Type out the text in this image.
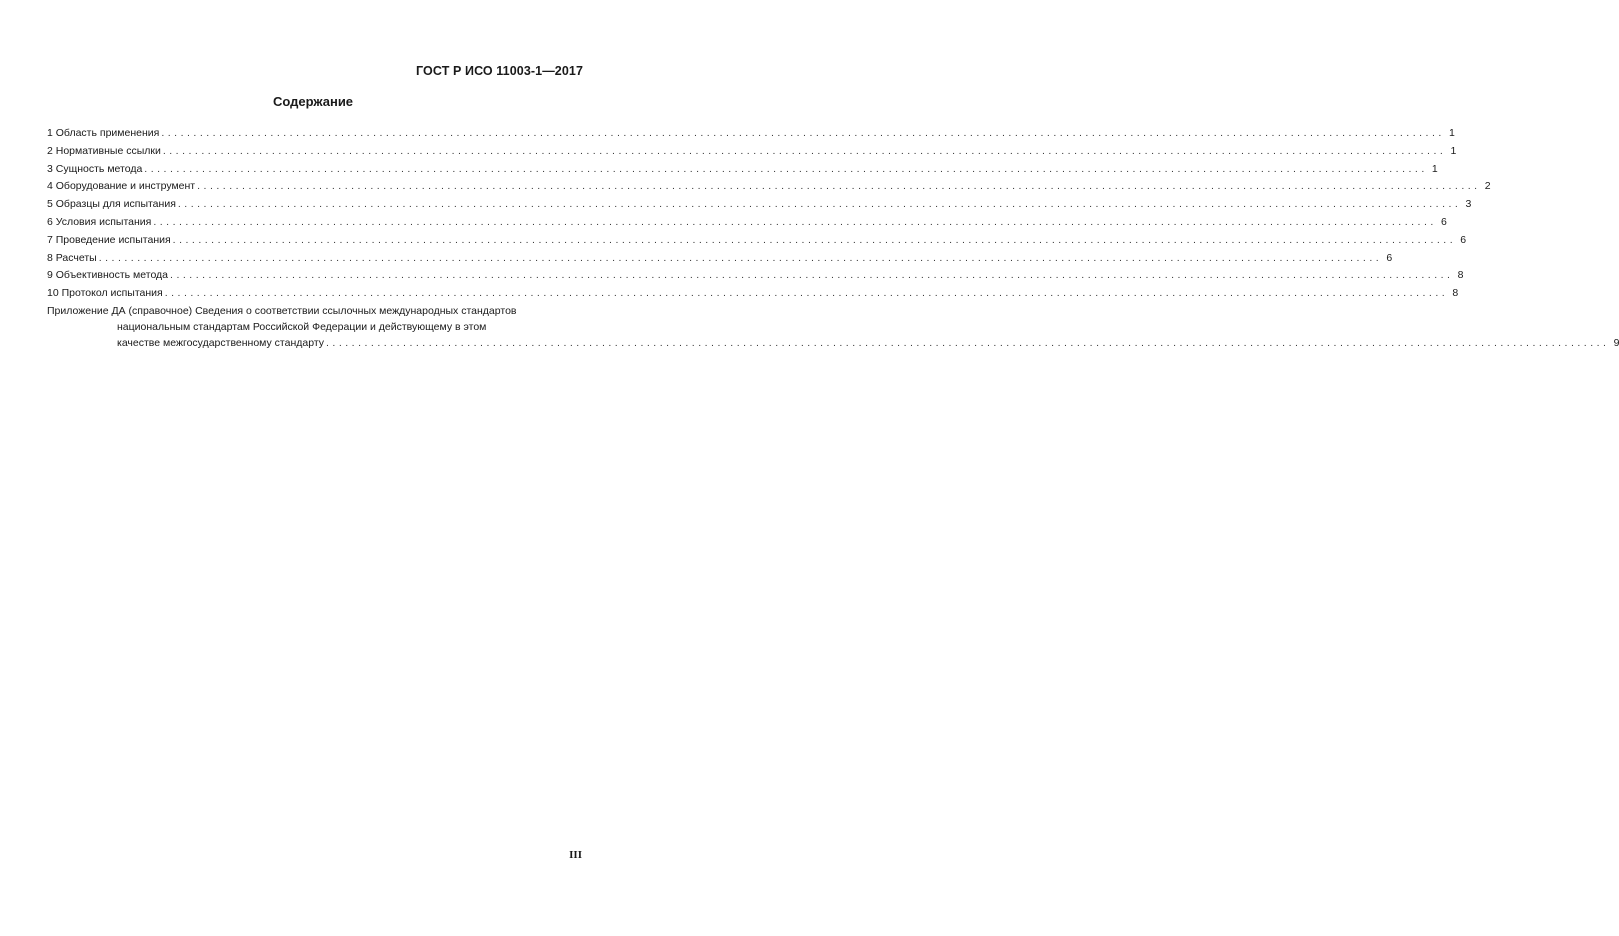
ГОСТ Р ИСО 11003-1—2017
Содержание
1 Область применения ........................................................................................................................................................................................................ 1
2 Нормативные ссылки ........................................................................................................................................................................................................ 1
3 Сущность метода ........................................................................................................................................................................................................ 1
4 Оборудование и инструмент ........................................................................................................................................................................................................ 2
5 Образцы для испытания ........................................................................................................................................................................................................ 3
6 Условия испытания ........................................................................................................................................................................................................ 6
7 Проведение испытания ........................................................................................................................................................................................................ 6
8 Расчеты ........................................................................................................................................................................................................ 6
9 Объективность метода ........................................................................................................................................................................................................ 8
10 Протокол испытания ........................................................................................................................................................................................................ 8
Приложение ДА (справочное) Сведения о соответствии ссылочных международных стандартов
национальным стандартам Российской Федерации и действующему в этом
качестве межгосударственному стандарту ........................................................................................................................................................................................................ 9
III
